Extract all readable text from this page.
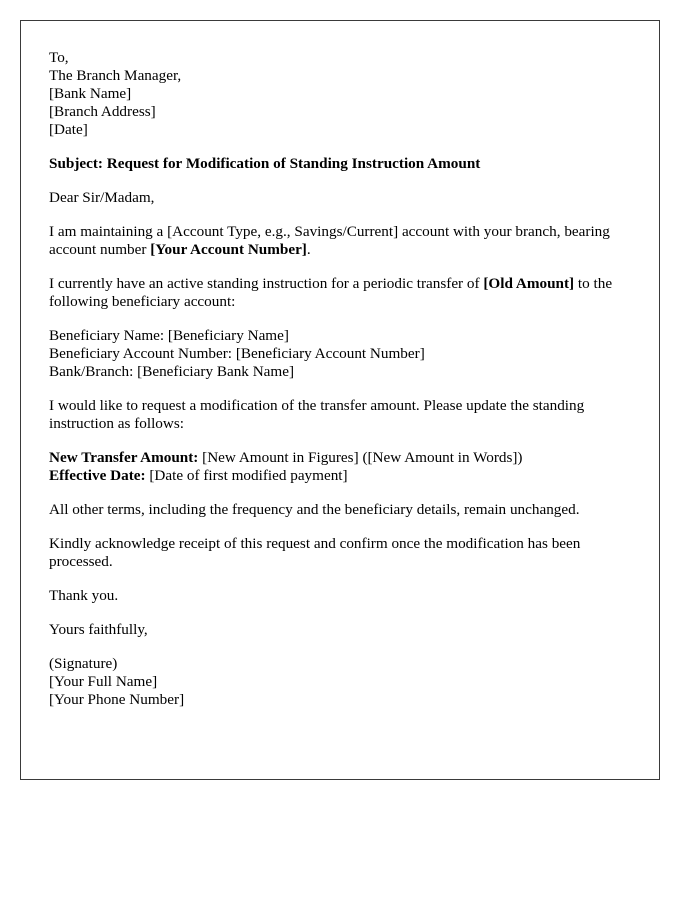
To,
The Branch Manager,
[Bank Name]
[Branch Address]
[Date]

Subject: Request for Modification of Standing Instruction Amount

Dear Sir/Madam,

I am maintaining a [Account Type, e.g., Savings/Current] account with your branch, bearing account number [Your Account Number].

I currently have an active standing instruction for a periodic transfer of [Old Amount] to the following beneficiary account:

Beneficiary Name: [Beneficiary Name]
Beneficiary Account Number: [Beneficiary Account Number]
Bank/Branch: [Beneficiary Bank Name]

I would like to request a modification of the transfer amount. Please update the standing instruction as follows:

New Transfer Amount: [New Amount in Figures] ([New Amount in Words])
Effective Date: [Date of first modified payment]

All other terms, including the frequency and the beneficiary details, remain unchanged.

Kindly acknowledge receipt of this request and confirm once the modification has been processed.

Thank you.

Yours faithfully,

(Signature)
[Your Full Name]
[Your Phone Number]
